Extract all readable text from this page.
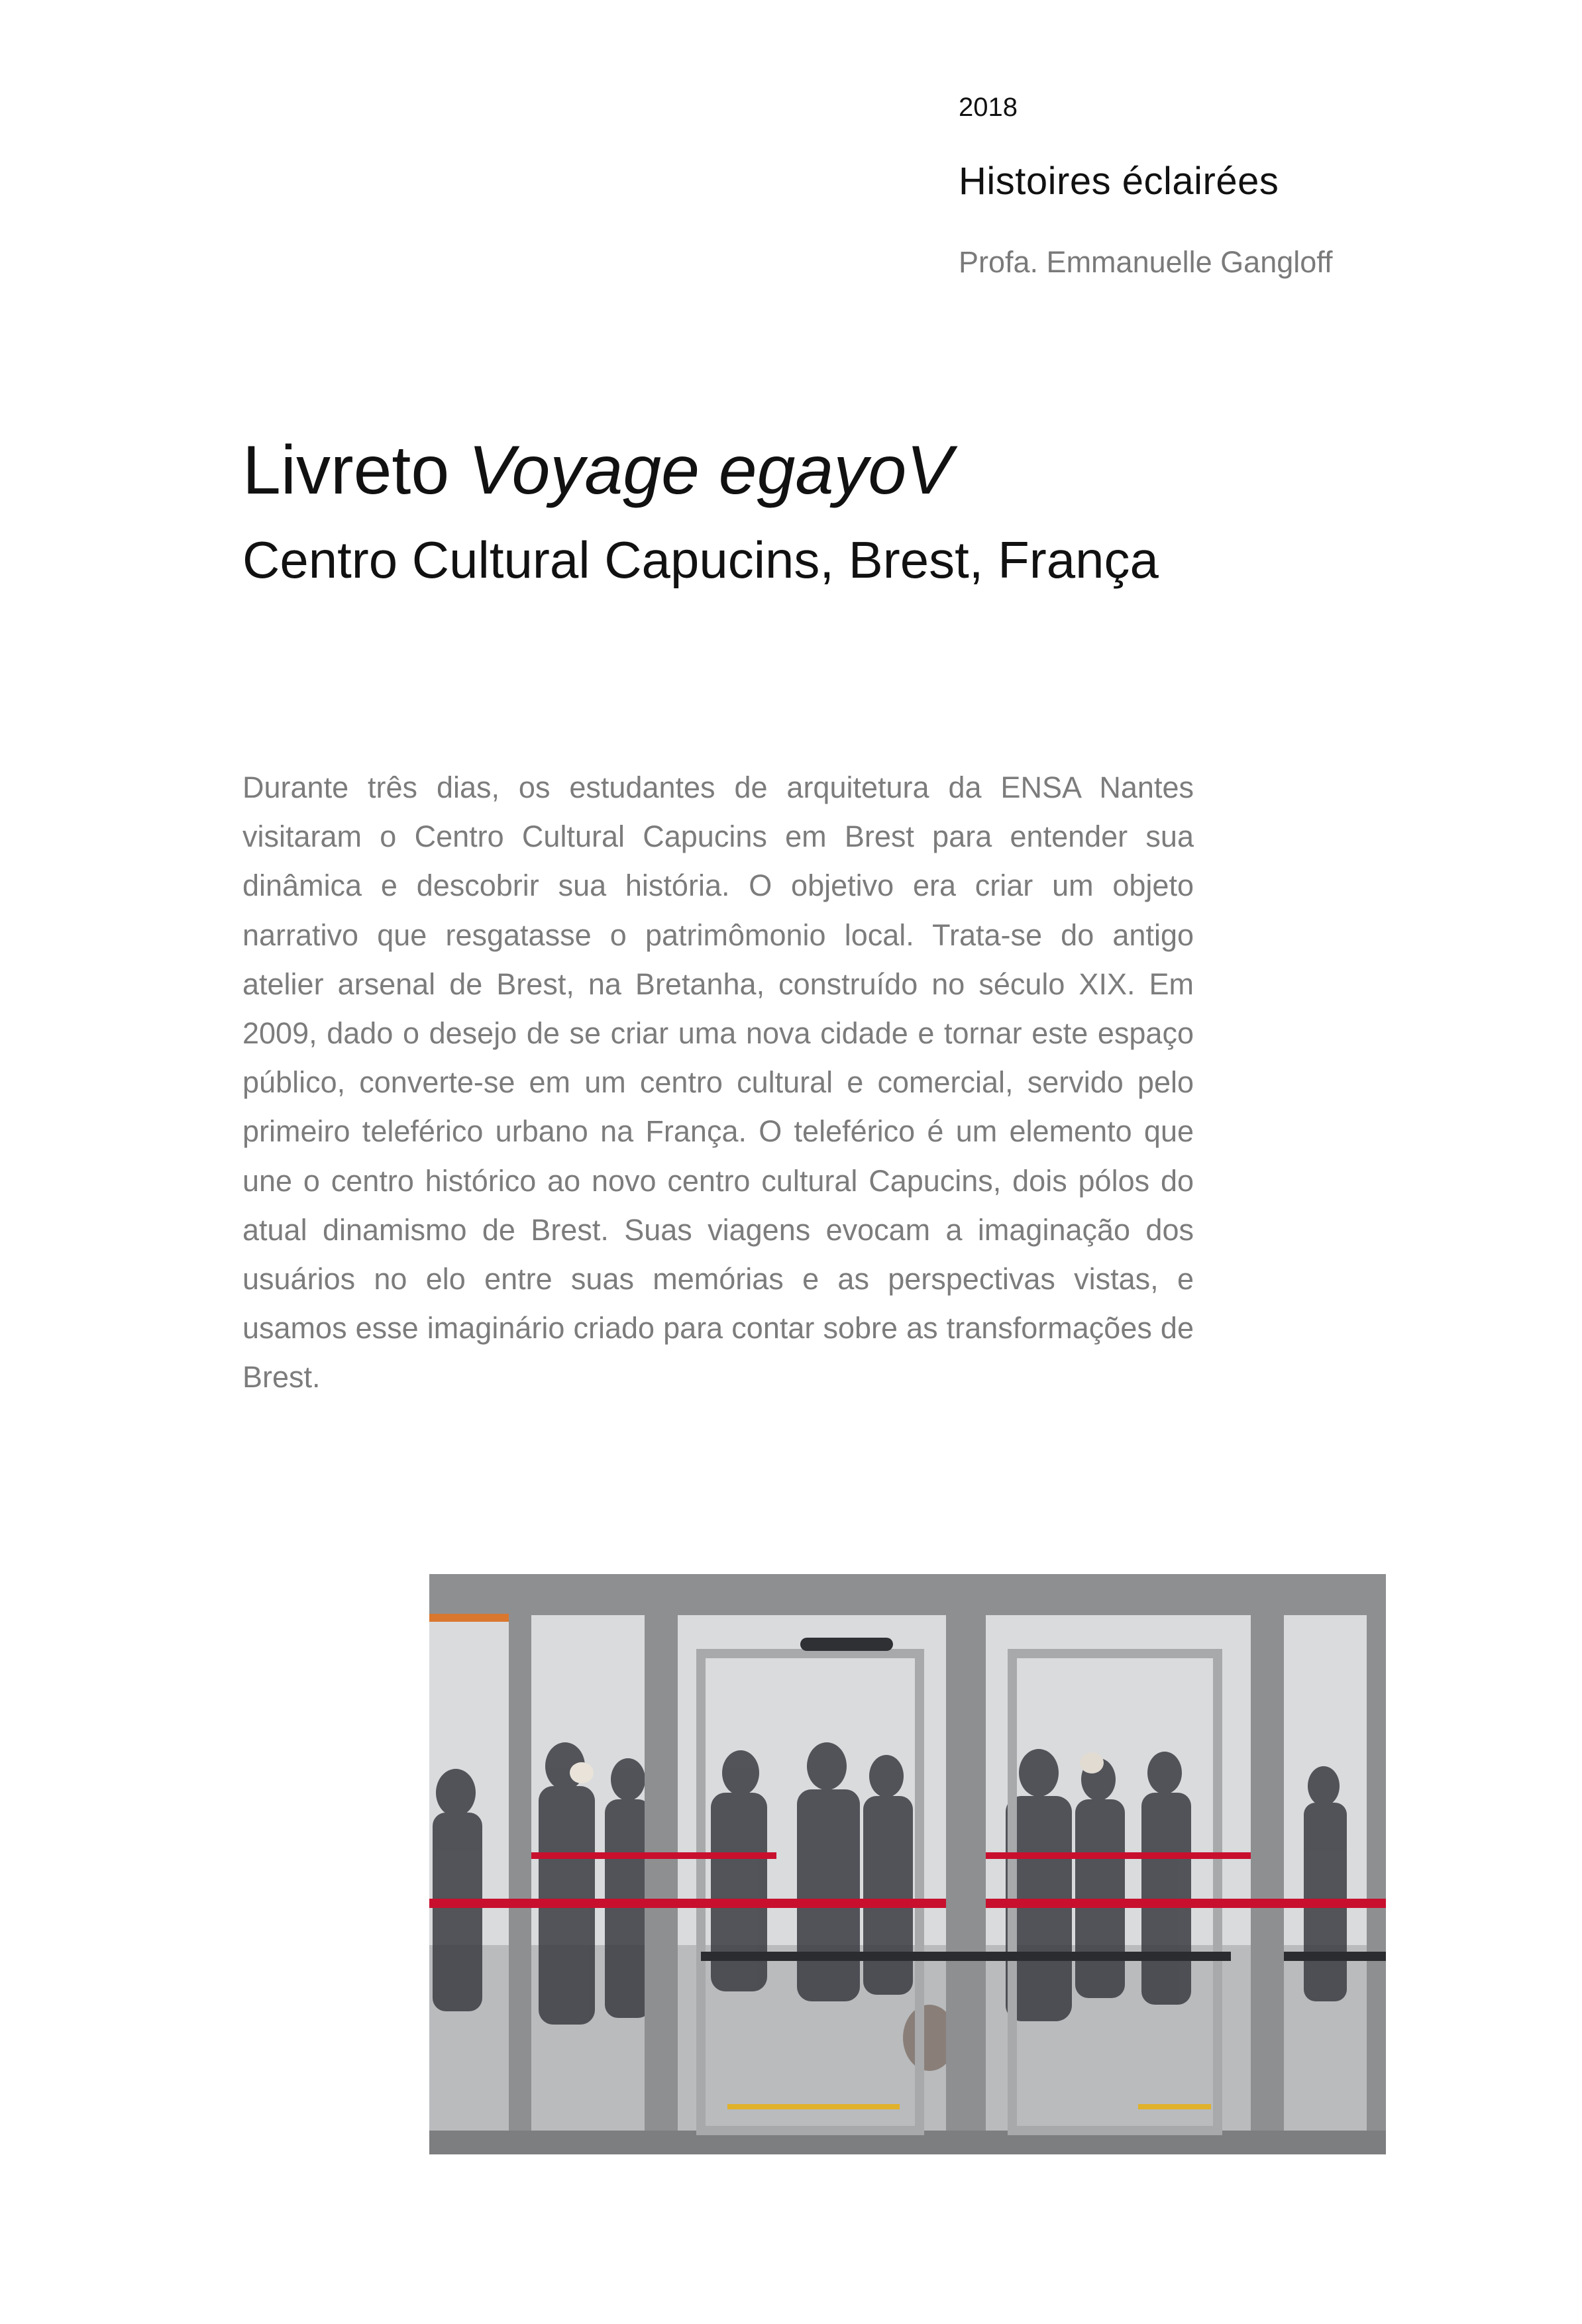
2018
Histoires éclairées
Profa. Emmanuelle Gangloff
Livreto Voyage egayoV
Centro Cultural Capucins, Brest, França

Durante três dias, os estudantes de arquitetura da ENSA Nantes visitaram o Centro Cultural Capucins em Brest para entender sua dinâmica e descobrir sua história. O objetivo era criar um objeto narrativo que resgatasse o patrimômonio local. Trata-se do antigo atelier arsenal de Brest, na Bretanha, construído no século XIX. Em 2009, dado o desejo de se criar uma nova cidade e tornar este espaço público, converte-se em um centro cultural e comercial, servido pelo primeiro teleférico urbano na França. O teleférico é um elemento que une o centro histórico ao novo centro cultural Capucins, dois pólos do atual dinamismo de Brest. Suas viagens evocam a imaginação dos usuários no elo entre suas memórias e as perspectivas vistas, e usamos esse imaginário criado para contar sobre as transformações de Brest.
